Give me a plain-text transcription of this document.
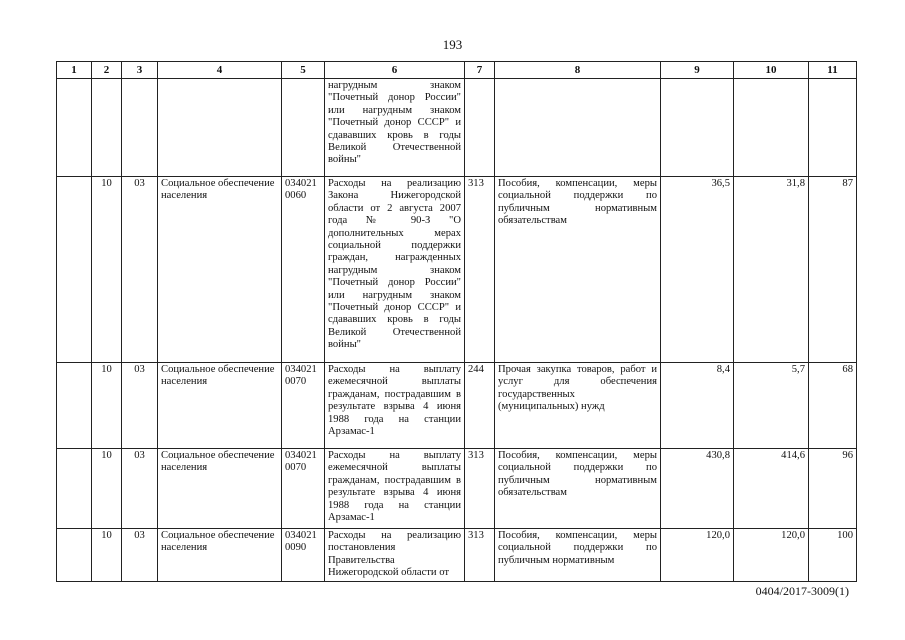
193
1	2	3	4	5	6	7	8	9	10	11
					нагрудным знаком "Почетный донор России" или нагрудным знаком "Почетный донор СССР" и сдававших кровь в годы Великой Отечественной войны"					
	10	03	Социальное обеспечение населения	034021 0060	Расходы на реализацию Закона Нижегородской области от 2 августа 2007 года № 90-З "О дополнительных мерах социальной поддержки граждан, награжденных нагрудным знаком "Почетный донор России" или нагрудным знаком "Почетный донор СССР" и сдававших кровь в годы Великой Отечественной войны"	313	Пособия, компенсации, меры социальной поддержки по публичным нормативным обязательствам	36,5	31,8	87
	10	03	Социальное обеспечение населения	034021 0070	Расходы на выплату ежемесячной выплаты гражданам, пострадавшим в результате взрыва 4 июня 1988 года на станции Арзамас-1	244	Прочая закупка товаров, работ и услуг для обеспечения государственных (муниципальных) нужд	8,4	5,7	68
	10	03	Социальное обеспечение населения	034021 0070	Расходы на выплату ежемесячной выплаты гражданам, пострадавшим в результате взрыва 4 июня 1988 года на станции Арзамас-1	313	Пособия, компенсации, меры социальной поддержки по публичным нормативным обязательствам	430,8	414,6	96
	10	03	Социальное обеспечение населения	034021 0090	Расходы на реализацию постановления Правительства Нижегородской области от	313	Пособия, компенсации, меры социальной поддержки по публичным нормативным	120,0	120,0	100
0404/2017-3009(1)
